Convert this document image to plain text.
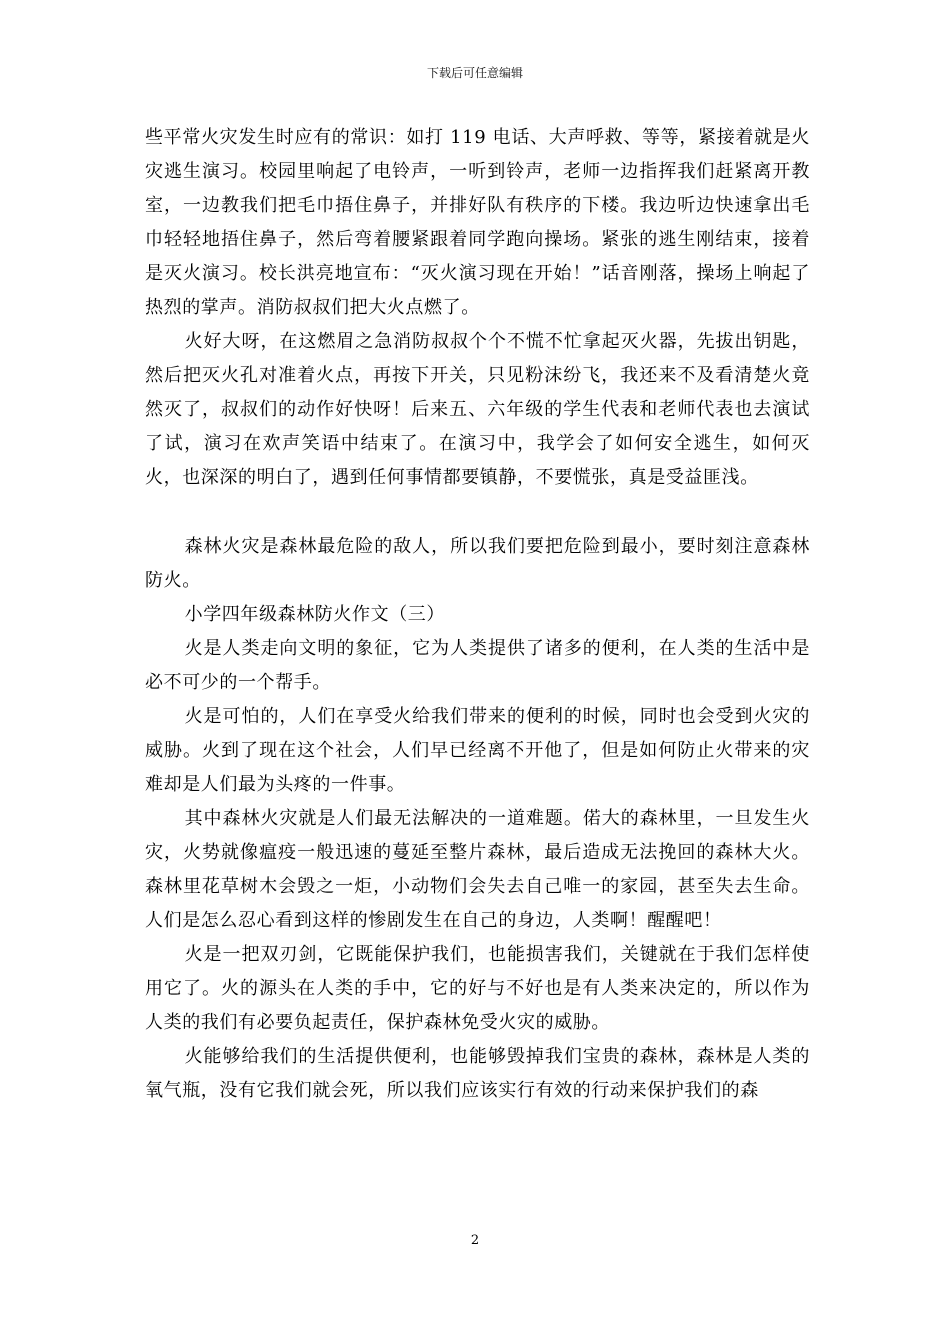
下载后可任意编辑

些平常火灾发生时应有的常识：如打 119 电话、大声呼救、等等，紧接着就是火灾逃生演习。校园里响起了电铃声，一听到铃声，老师一边指挥我们赶紧离开教室，一边教我们把毛巾捂住鼻子，并排好队有秩序的下楼。我边听边快速拿出毛巾轻轻地捂住鼻子，然后弯着腰紧跟着同学跑向操场。紧张的逃生刚结束，接着是灭火演习。校长洪亮地宣布：“灭火演习现在开始！”话音刚落，操场上响起了热烈的掌声。消防叔叔们把大火点燃了。

火好大呀，在这燃眉之急消防叔叔个个不慌不忙拿起灭火器，先拔出钥匙，然后把灭火孔对准着火点，再按下开关，只见粉沫纷飞，我还来不及看清楚火竟然灭了，叔叔们的动作好快呀！后来五、六年级的学生代表和老师代表也去演试了试，演习在欢声笑语中结束了。在演习中，我学会了如何安全逃生，如何灭火，也深深的明白了，遇到任何事情都要镇静，不要慌张，真是受益匪浅。

森林火灾是森林最危险的敌人，所以我们要把危险到最小，要时刻注意森林防火。

小学四年级森林防火作文（三）

火是人类走向文明的象征，它为人类提供了诸多的便利，在人类的生活中是必不可少的一个帮手。

火是可怕的，人们在享受火给我们带来的便利的时候，同时也会受到火灾的威胁。火到了现在这个社会，人们早已经离不开他了，但是如何防止火带来的灾难却是人们最为头疼的一件事。

其中森林火灾就是人们最无法解决的一道难题。偌大的森林里，一旦发生火灾，火势就像瘟疫一般迅速的蔓延至整片森林，最后造成无法挽回的森林大火。森林里花草树木会毁之一炬，小动物们会失去自己唯一的家园，甚至失去生命。人们是怎么忍心看到这样的惨剧发生在自己的身边，人类啊！醒醒吧！

火是一把双刃剑，它既能保护我们，也能损害我们，关键就在于我们怎样使用它了。火的源头在人类的手中，它的好与不好也是有人类来决定的，所以作为人类的我们有必要负起责任，保护森林免受火灾的威胁。

火能够给我们的生活提供便利，也能够毁掉我们宝贵的森林，森林是人类的氧气瓶，没有它我们就会死，所以我们应该实行有效的行动来保护我们的森

2
